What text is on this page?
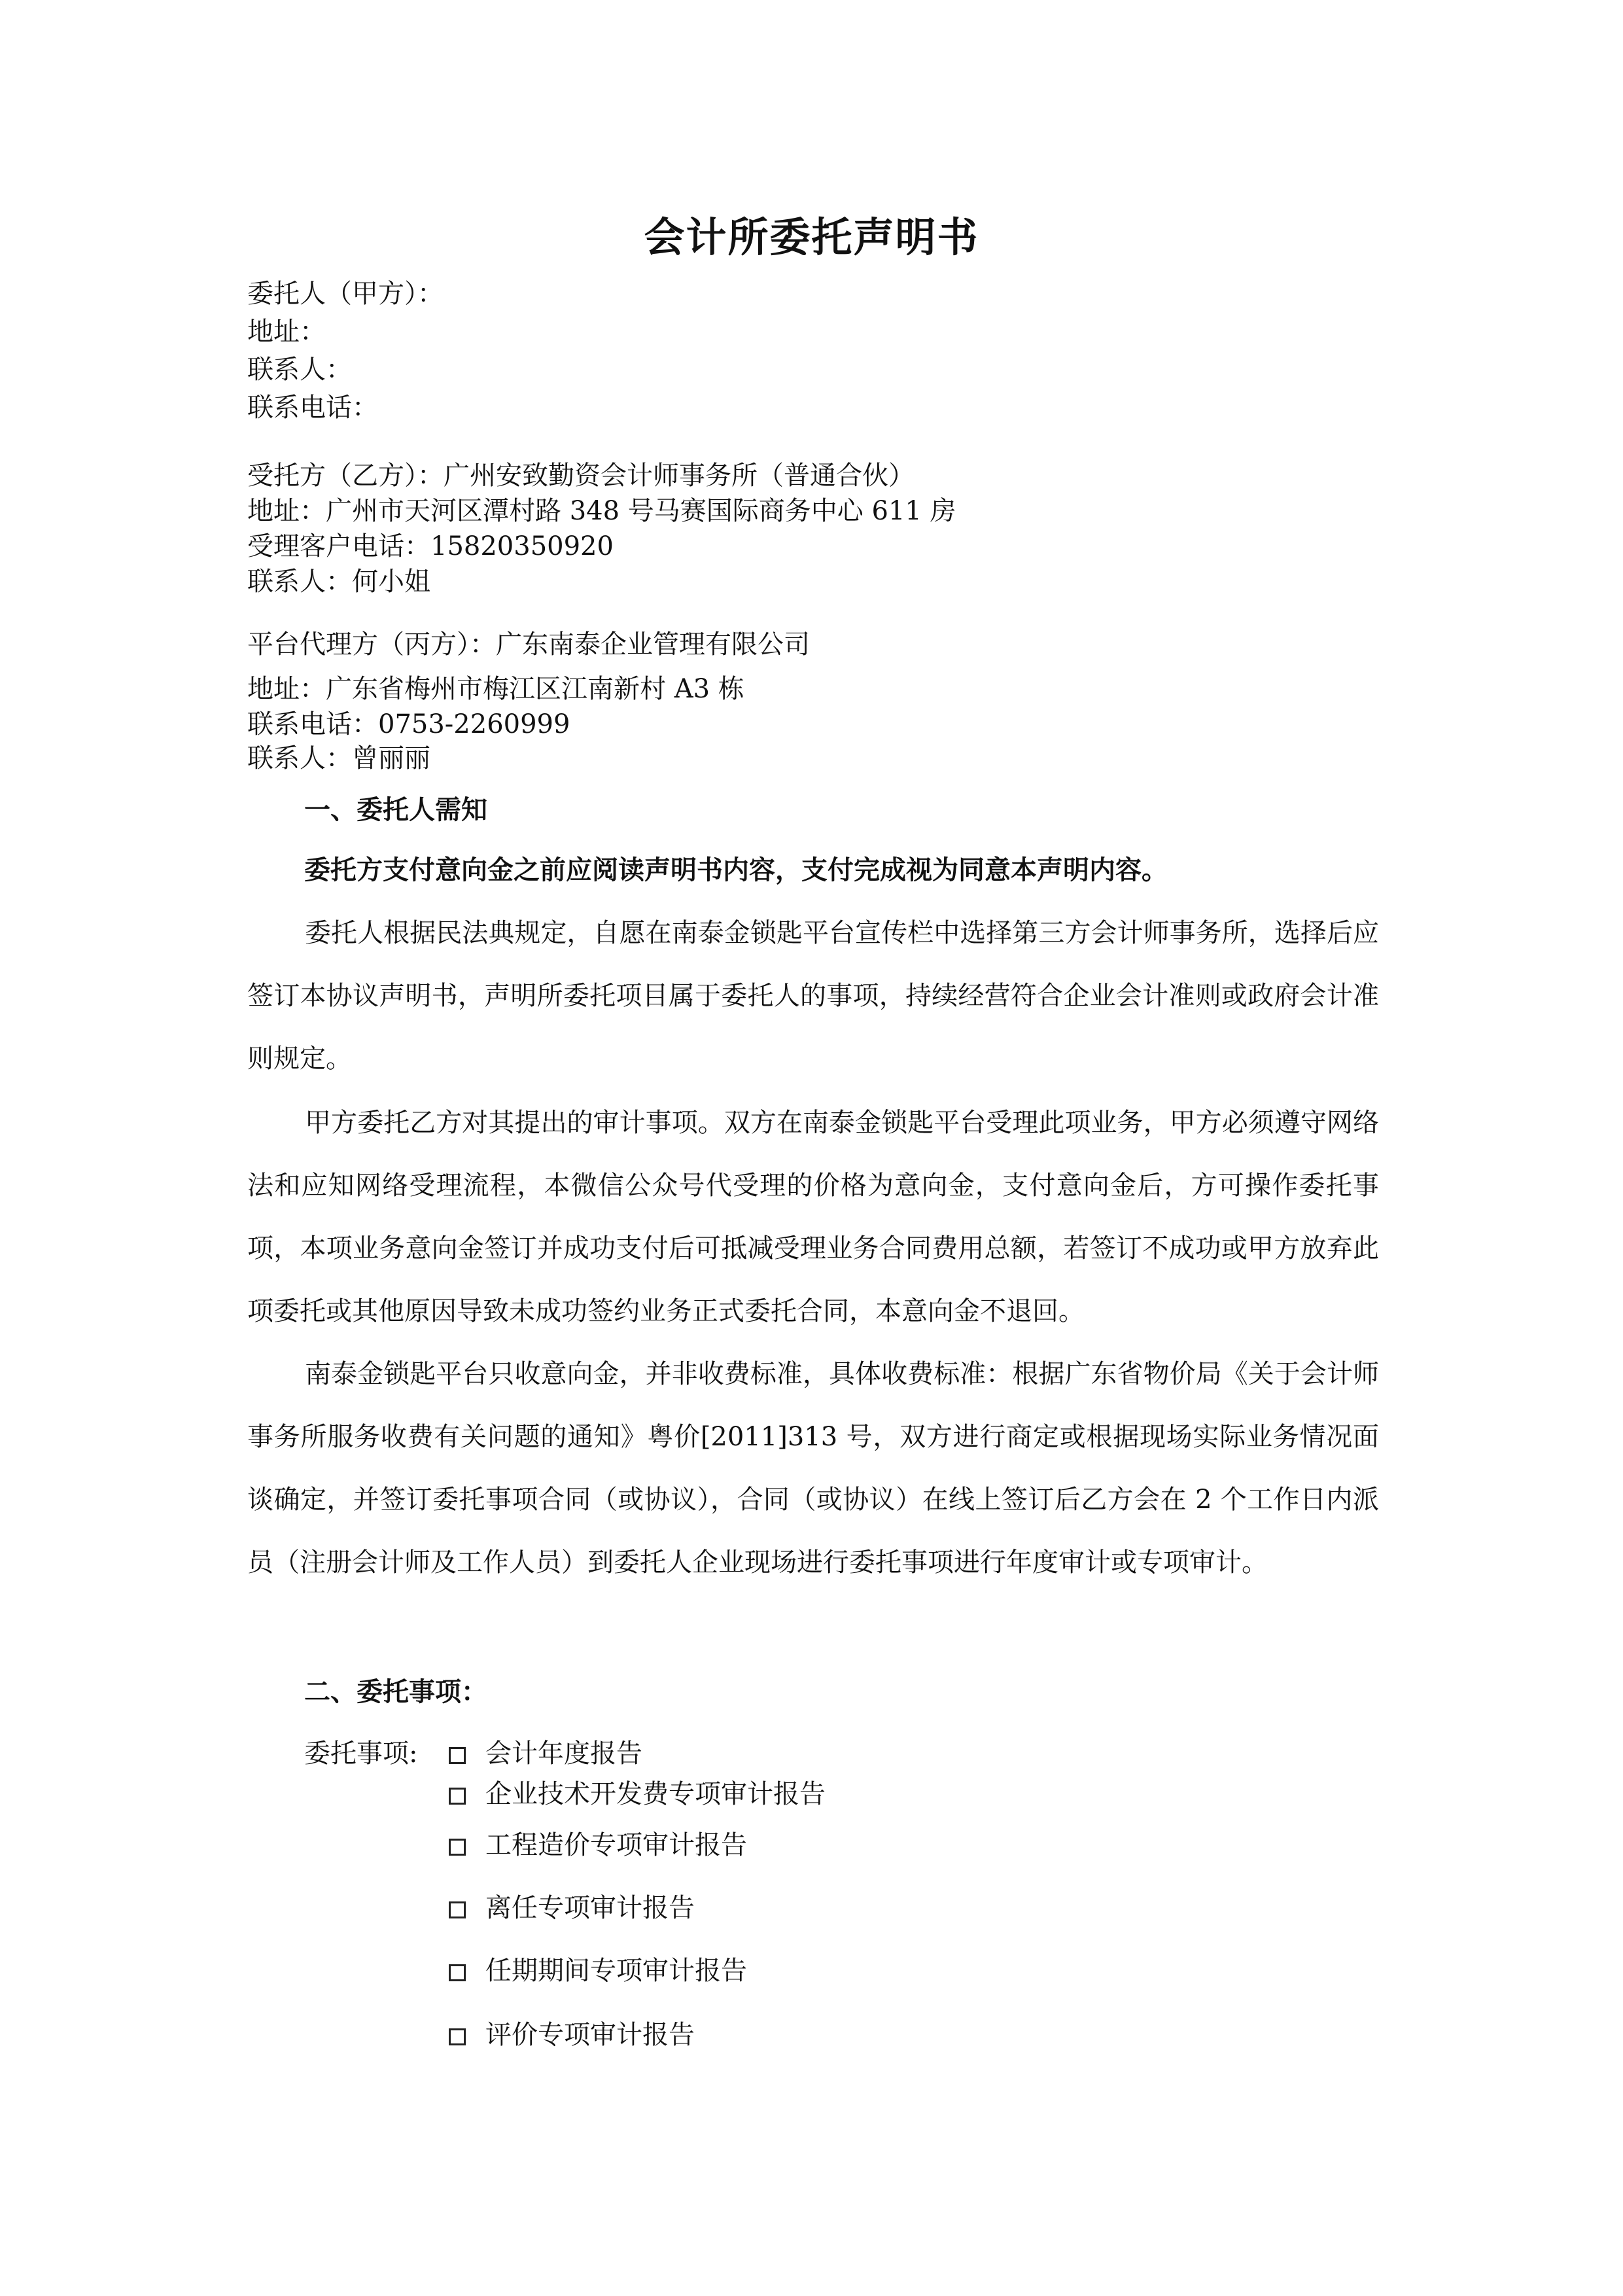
会计所委托声明书
委托人（甲方）：
地址：
联系人：
联系电话：
受托方（乙方）：广州安致勤资会计师事务所（普通合伙）
地址：广州市天河区潭村路 348 号马赛国际商务中心 611 房
受理客户电话：15820350920
联系人：何小姐
平台代理方（丙方）：广东南泰企业管理有限公司
地址：广东省梅州市梅江区江南新村 A3 栋
联系电话：0753-2260999
联系人：曾丽丽
一、委托人需知
委托方支付意向金之前应阅读声明书内容，支付完成视为同意本声明内容。
委托人根据民法典规定，自愿在南泰金锁匙平台宣传栏中选择第三方会计师事务所，选择后应签订本协议声明书，声明所委托项目属于委托人的事项，持续经营符合企业会计准则或政府会计准则规定。
甲方委托乙方对其提出的审计事项。双方在南泰金锁匙平台受理此项业务，甲方必须遵守网络法和应知网络受理流程，本微信公众号代受理的价格为意向金，支付意向金后，方可操作委托事项，本项业务意向金签订并成功支付后可抵减受理业务合同费用总额，若签订不成功或甲方放弃此项委托或其他原因导致未成功签约业务正式委托合同，本意向金不退回。
南泰金锁匙平台只收意向金，并非收费标准，具体收费标准：根据广东省物价局《关于会计师事务所服务收费有关问题的通知》粤价[2011]313 号，双方进行商定或根据现场实际业务情况面谈确定，并签订委托事项合同（或协议），合同（或协议）在线上签订后乙方会在 2 个工作日内派员（注册会计师及工作人员）到委托人企业现场进行委托事项进行年度审计或专项审计。
二、委托事项：
委托事项:	会计年度报告
企业技术开发费专项审计报告
工程造价专项审计报告
离任专项审计报告
任期期间专项审计报告
评价专项审计报告
